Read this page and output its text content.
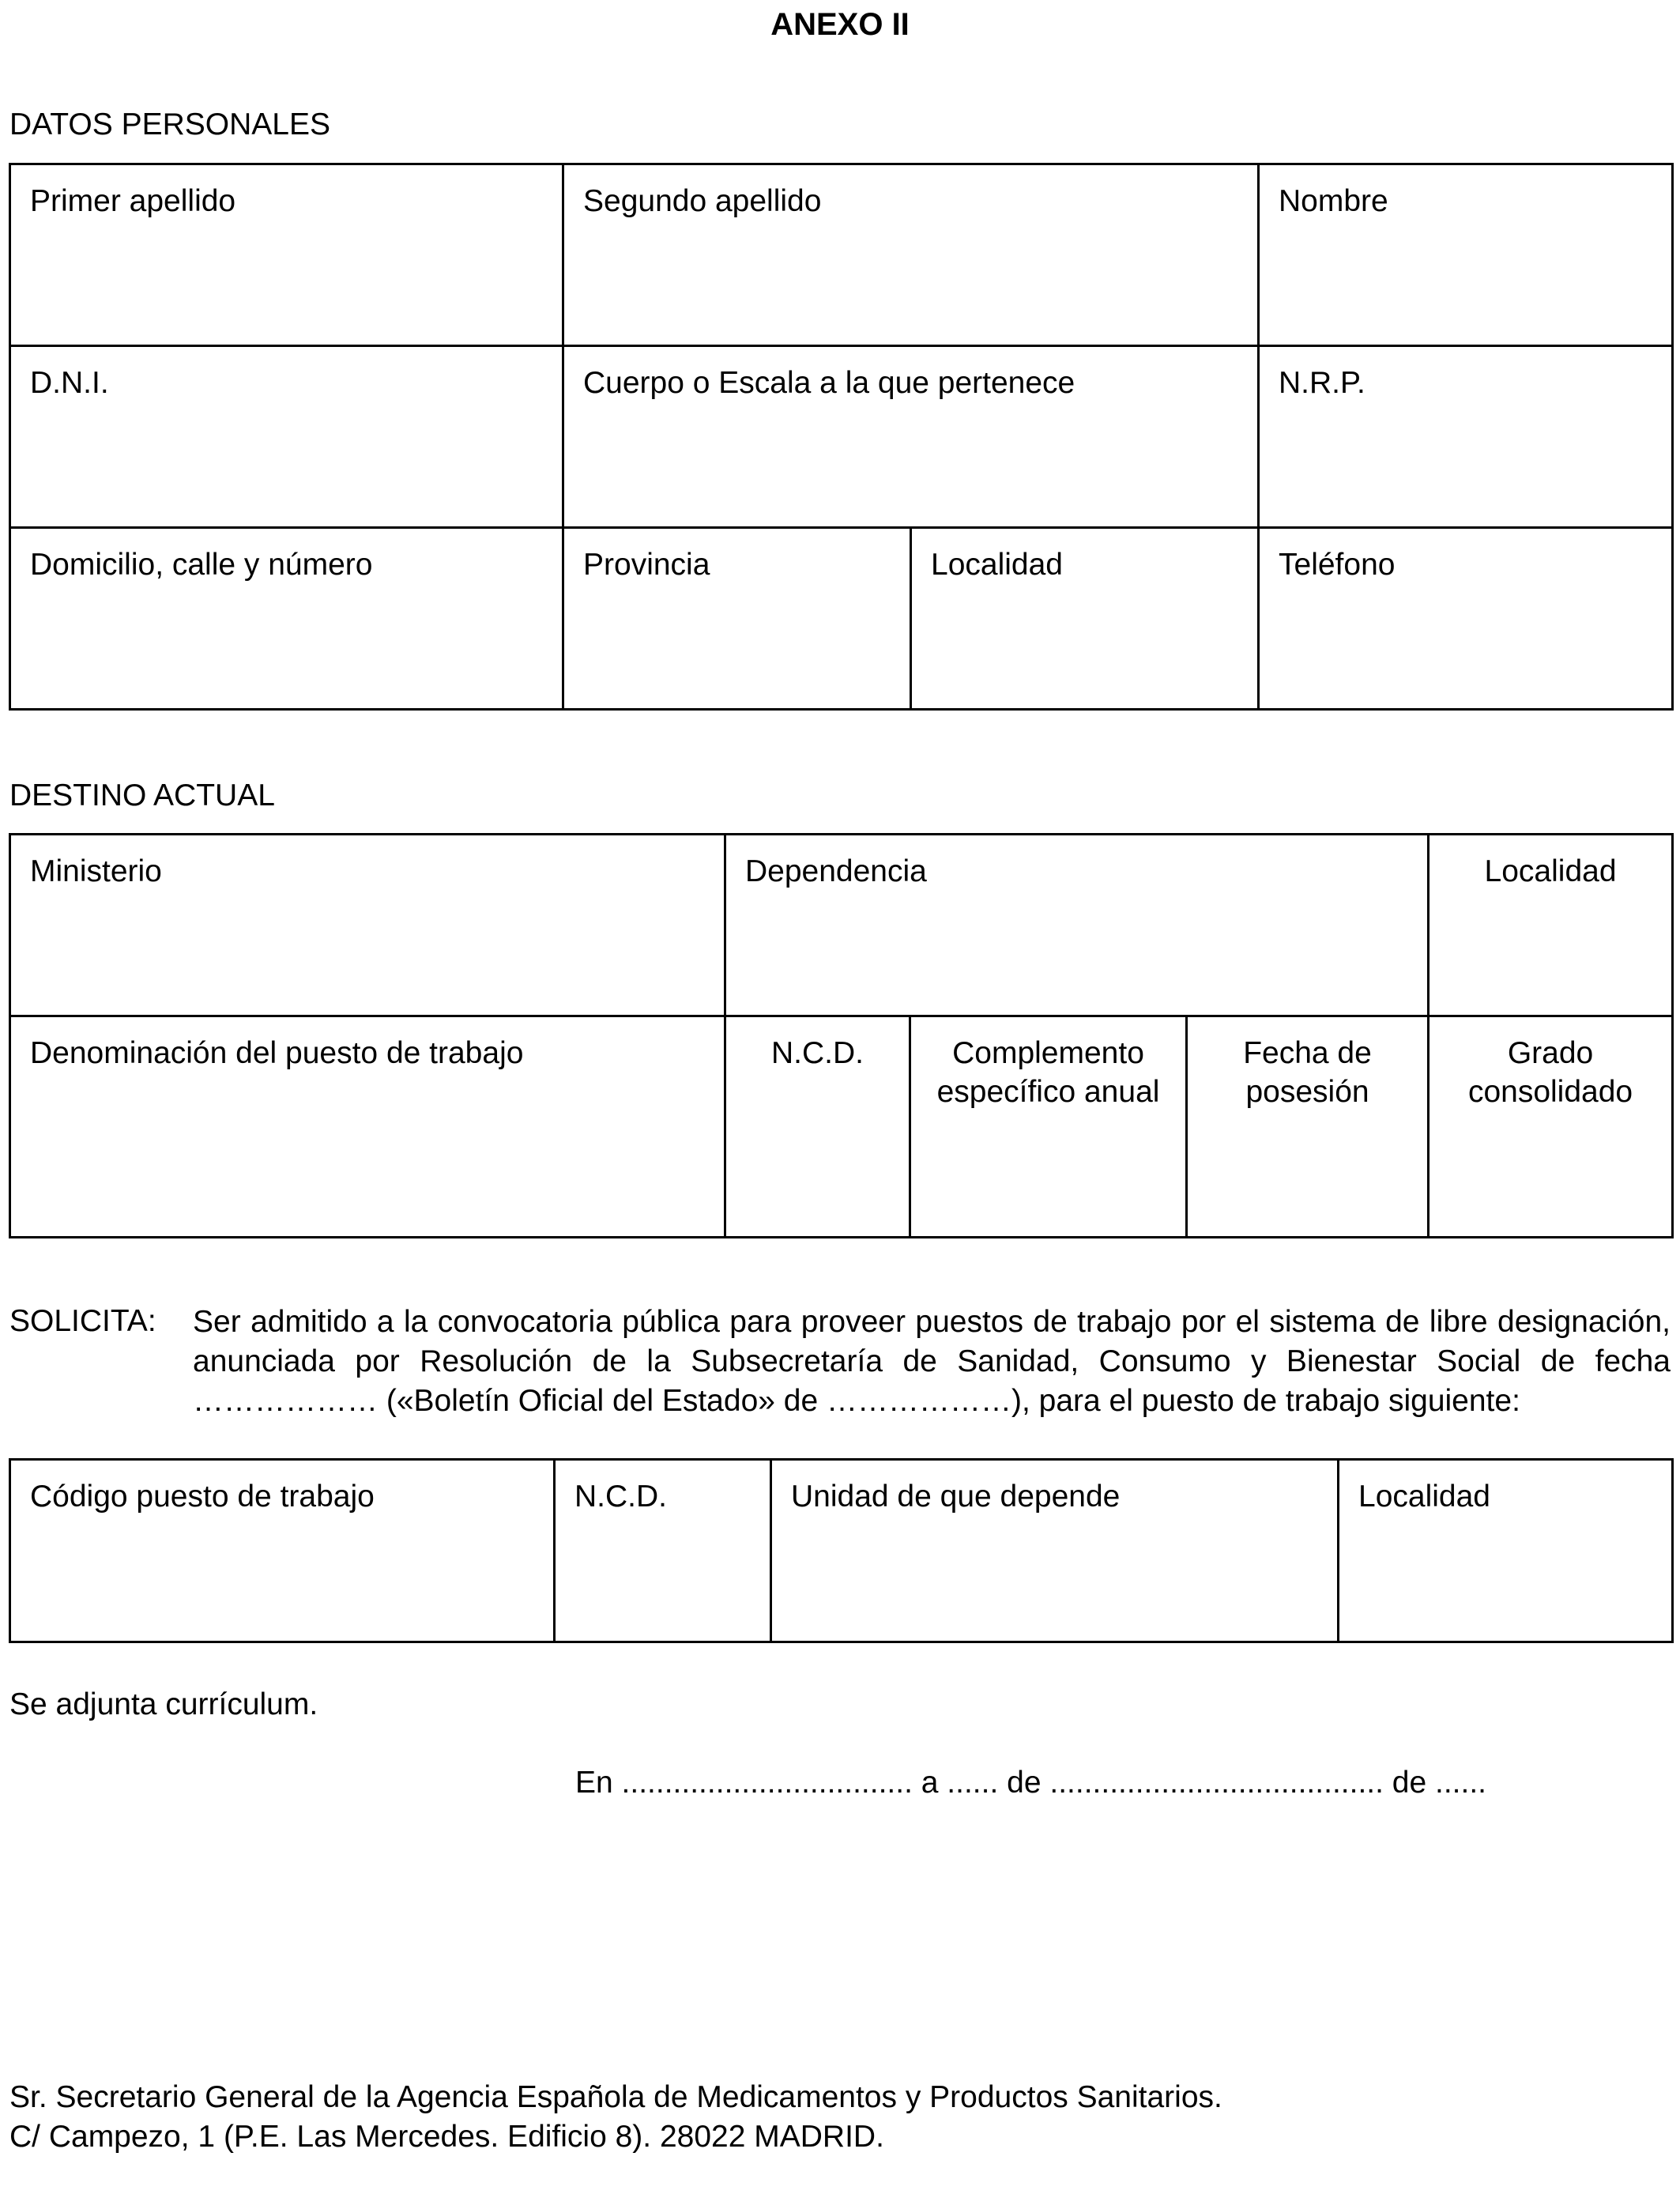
ANEXO II
DATOS PERSONALES
Primer apellido	Segundo apellido		Nombre
D.N.I.	Cuerpo o Escala a la que pertenece		N.R.P.
Domicilio, calle y número	Provincia	Localidad	Teléfono
DESTINO ACTUAL
Ministerio	Dependencia			Localidad
Denominación del puesto de trabajo	N.C.D.	Complemento específico anual	Fecha de posesión	Grado consolidado
SOLICITA: Ser admitido a la convocatoria pública para proveer puestos de trabajo por el sistema de libre designación, anunciada por Resolución de la Subsecretaría de Sanidad, Consumo y Bienestar Social de fecha ……………… («Boletín Oficial del Estado» de ………………), para el puesto de trabajo siguiente:
Código puesto de trabajo	N.C.D.	Unidad de que depende	Localidad
Se adjunta currículum.
En .................................. a ...... de ....................................... de ......
Sr. Secretario General de la Agencia Española de Medicamentos y Productos Sanitarios.
C/ Campezo, 1 (P.E. Las Mercedes. Edificio 8). 28022 MADRID.
